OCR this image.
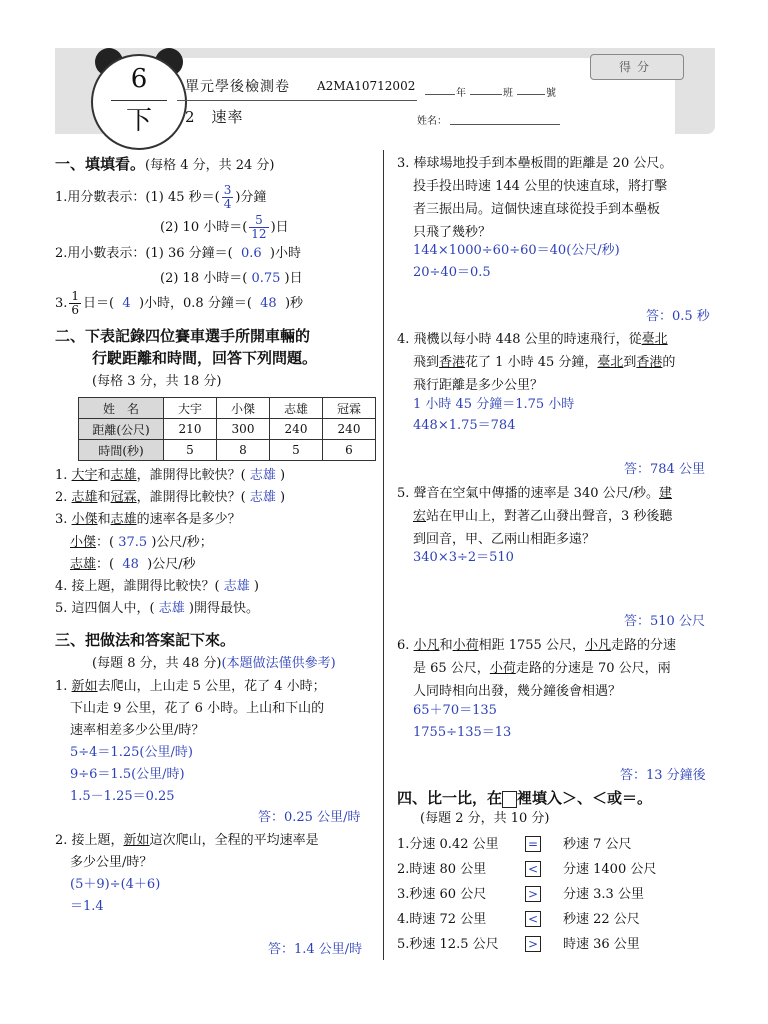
6
下
單元學後檢測卷 A2MA10712002
2　速率
年	班	號
姓名：
得分
一、填填看。(每格 4 分，共 24 分)
1.用分數表示：(1) 45 秒＝( $\frac{3}{4}$ )分鐘
(2) 10 小時＝( $\frac{5}{12}$ )日
2.用小數表示：(1) 36 分鐘＝( 0.6 )小時
(2) 18 小時＝( 0.75 )日
3. $\frac{1}{6}$ 日＝( 4 )小時，0.8 分鐘＝( 48 )秒
二、下表記錄四位賽車選手所開車輛的
行駛距離和時間，回答下列問題。
(每格 3 分，共 18 分)
姓　名	大宇	小傑	志雄	冠霖
距離(公尺)	210	300	240	240
時間(秒)	5	8	5	6
1. 大宇和志雄，誰開得比較快？( 志雄 )
2. 志雄和冠霖，誰開得比較快？( 志雄 )
3. 小傑和志雄的速率各是多少？
小傑：( 37.5 )公尺/秒；
志雄：( 48 )公尺/秒
4. 接上題，誰開得比較快？( 志雄 )
5. 這四個人中，( 志雄 )開得最快。
三、把做法和答案記下來。
(每題 8 分，共 48 分)(本題做法僅供參考)
1. 新如去爬山，上山走 5 公里，花了 4 小時；
下山走 9 公里，花了 6 小時。上山和下山的
速率相差多少公里/時？
5÷4＝1.25(公里/時)
9÷6＝1.5(公里/時)
1.5－1.25＝0.25
答：0.25 公里/時
2. 接上題，新如這次爬山，全程的平均速率是
多少公里/時？
(5＋9)÷(4＋6)
＝1.4
答：1.4 公里/時
3. 棒球場地投手到本壘板間的距離是 20 公尺。
投手投出時速 144 公里的快速直球，將打擊
者三振出局。這個快速直球從投手到本壘板
只飛了幾秒？
144×1000÷60÷60＝40(公尺/秒)
20÷40＝0.5
答：0.5 秒
4. 飛機以每小時 448 公里的時速飛行，從臺北
飛到香港花了 1 小時 45 分鐘，臺北到香港的
飛行距離是多少公里？
1 小時 45 分鐘＝1.75 小時
448×1.75＝784
答：784 公里
5. 聲音在空氣中傳播的速率是 340 公尺/秒。建
宏站在甲山上，對著乙山發出聲音，3 秒後聽
到回音，甲、乙兩山相距多遠？
340×3÷2＝510
答：510 公尺
6. 小凡和小荷相距 1755 公尺，小凡走路的分速
是 65 公尺，小荷走路的分速是 70 公尺，兩
人同時相向出發，幾分鐘後會相遇？
65＋70＝135
1755÷135＝13
答：13 分鐘後
四、比一比，在 裡填入＞、＜或＝。
(每題 2 分，共 10 分)
1.分速 0.42 公里 = 秒速 7 公尺
2.時速 80 公里	< 分速 1400 公尺
3.秒速 60 公尺	> 分速 3.3 公里
4.時速 72 公里	< 秒速 22 公尺
5.秒速 12.5 公尺 > 時速 36 公里
